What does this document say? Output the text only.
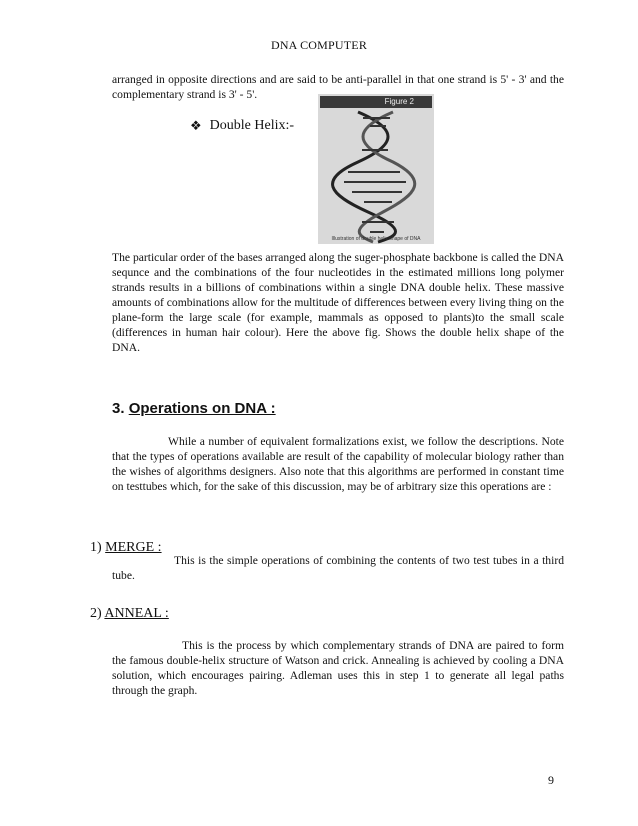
DNA COMPUTER
arranged in opposite directions and are said to be anti-parallel in that one strand is 5' - 3' and the complementary strand is 3' - 5'.
❖ Double Helix:-
Figure 2
Illustration of double helix shape of DNA
The particular order of the bases arranged along the suger-phosphate backbone is called the DNA sequnce and the combinations of the four nucleotides in the estimated millions long polymer strands results in a billions of combinations within a single DNA double helix. These massive amounts of combinations allow for the multitude of differences between every living thing on the plane-form the large scale (for example, mammals as opposed to plants)to the small scale (differences in human hair colour). Here the above fig. Shows the double helix shape of the DNA.
3. Operations on DNA :
While a number of equivalent formalizations exist, we follow the descriptions. Note that the types of operations available are result of the capability of molecular biology rather than the wishes of algorithms designers. Also note that this algorithms are performed in constant time on testtubes which, for the sake of this discussion, may be of arbitrary size this operations are :
1) MERGE :
This is the simple operations of combining the contents of two test tubes in a third tube.
2) ANNEAL :
This is the process by which complementary strands of DNA are paired to form the famous double-helix structure of Watson and crick. Annealing is achieved by cooling a DNA solution, which encourages pairing. Adleman uses this in step 1 to generate all legal paths through the graph.
9
